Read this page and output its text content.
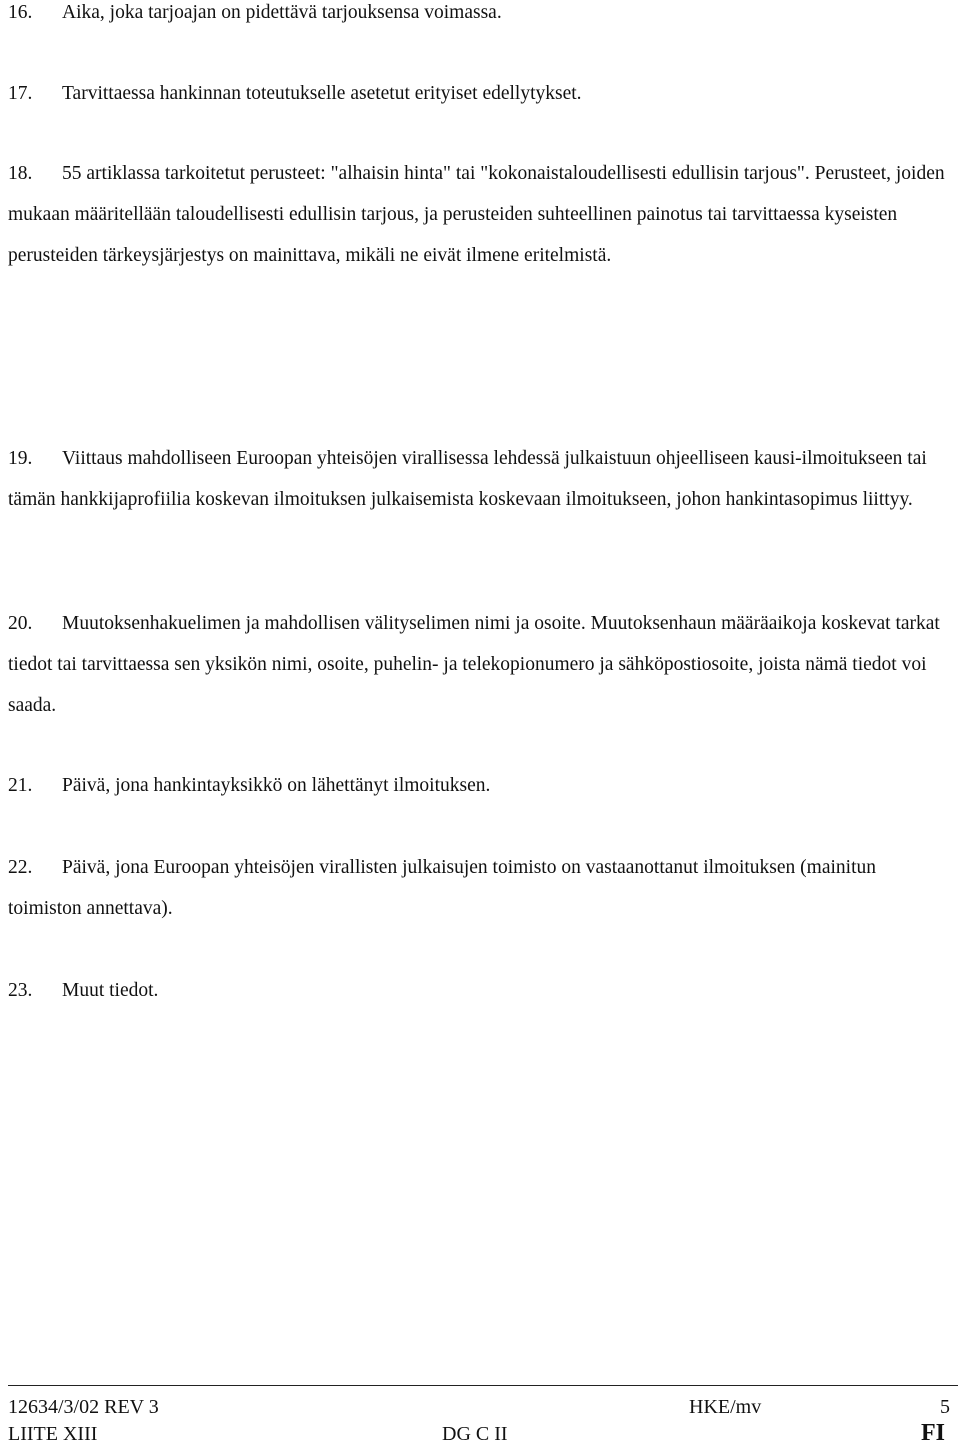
16. Aika, joka tarjoajan on pidettävä tarjouksensa voimassa.

17. Tarvittaessa hankinnan toteutukselle asetetut erityiset edellytykset.

18. 55 artiklassa tarkoitetut perusteet: "alhaisin hinta" tai "kokonaistaloudellisesti edullisin tarjous". Perusteet, joiden mukaan määritellään taloudellisesti edullisin tarjous, ja perusteiden suhteellinen painotus tai tarvittaessa kyseisten perusteiden tärkeysjärjestys on mainittava, mikäli ne eivät ilmene eritelmistä.

19. Viittaus mahdolliseen Euroopan yhteisöjen virallisessa lehdessä julkaistuun ohjeelliseen kausi-ilmoitukseen tai tämän hankkijaprofiilia koskevan ilmoituksen julkaisemista koskevaan ilmoitukseen, johon hankintasopimus liittyy.

20. Muutoksenhakuelimen ja mahdollisen välityselimen nimi ja osoite. Muutoksenhaun määräaikoja koskevat tarkat tiedot tai tarvittaessa sen yksikön nimi, osoite, puhelin- ja telekopionumero ja sähköpostiosoite, joista nämä tiedot voi saada.

21. Päivä, jona hankintayksikkö on lähettänyt ilmoituksen.

22. Päivä, jona Euroopan yhteisöjen virallisten julkaisujen toimisto on vastaanottanut ilmoituksen (mainitun toimiston annettava).

23. Muut tiedot.

12634/3/02 REV 3	HKE/mv	5
LIITE XIII	DG C II	FI
